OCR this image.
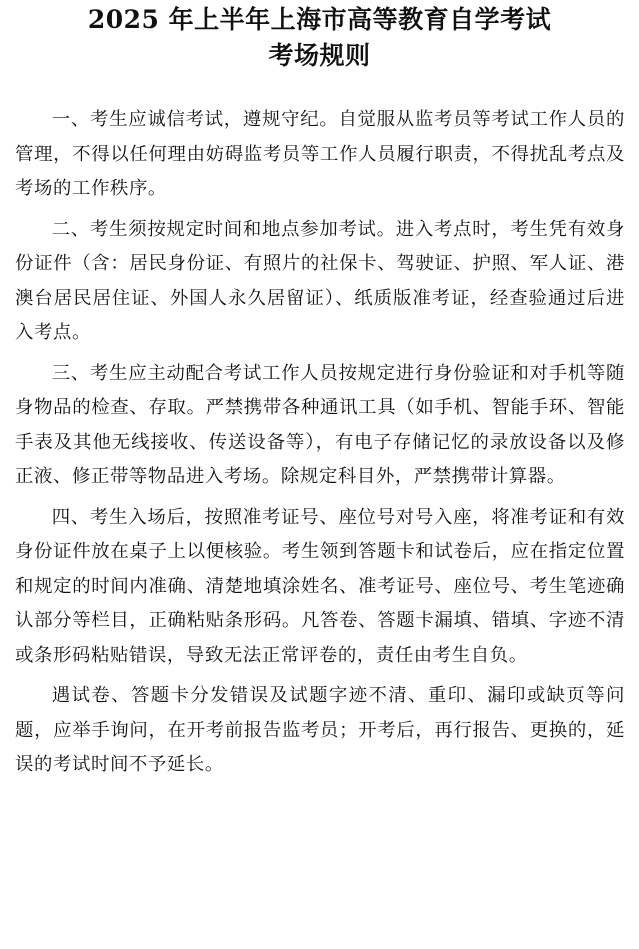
2025 年上半年上海市高等教育自学考试
考场规则

一、考生应诚信考试，遵规守纪。自觉服从监考员等考试工作人员的管理，不得以任何理由妨碍监考员等工作人员履行职责，不得扰乱考点及考场的工作秩序。

二、考生须按规定时间和地点参加考试。进入考点时，考生凭有效身份证件（含：居民身份证、有照片的社保卡、驾驶证、护照、军人证、港澳台居民居住证、外国人永久居留证）、纸质版准考证，经查验通过后进入考点。

三、考生应主动配合考试工作人员按规定进行身份验证和对手机等随身物品的检查、存取。严禁携带各种通讯工具（如手机、智能手环、智能手表及其他无线接收、传送设备等），有电子存储记忆的录放设备以及修正液、修正带等物品进入考场。除规定科目外，严禁携带计算器。

四、考生入场后，按照准考证号、座位号对号入座，将准考证和有效身份证件放在桌子上以便核验。考生领到答题卡和试卷后，应在指定位置和规定的时间内准确、清楚地填涂姓名、准考证号、座位号、考生笔迹确认部分等栏目，正确粘贴条形码。凡答卷、答题卡漏填、错填、字迹不清或条形码粘贴错误，导致无法正常评卷的，责任由考生自负。

遇试卷、答题卡分发错误及试题字迹不清、重印、漏印或缺页等问题，应举手询问，在开考前报告监考员；开考后，再行报告、更换的，延误的考试时间不予延长。
